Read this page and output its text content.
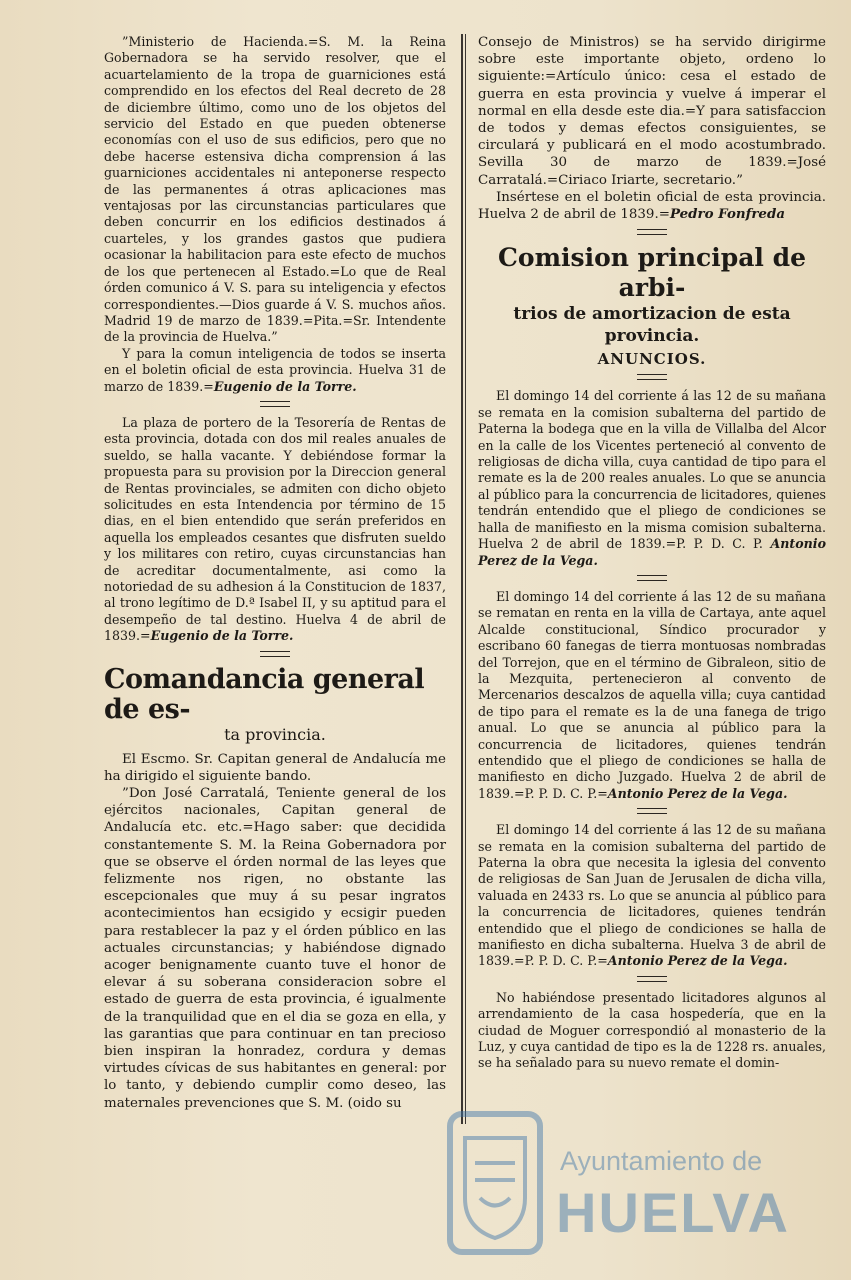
”Ministerio de Hacienda.=S. M. la Reina Gobernadora se ha servido resolver, que el acuartelamiento de la tropa de guarniciones está comprendido en los efectos del Real decreto de 28 de diciembre último, como uno de los objetos del servicio del Estado en que pueden obtenerse economías con el uso de sus edificios, pero que no debe hacerse estensiva dicha comprension á las guarniciones accidentales ni anteponerse respecto de las permanentes á otras aplicaciones mas ventajosas por las circunstancias particulares que deben concurrir en los edificios destinados á cuarteles, y los grandes gastos que pudiera ocasionar la habilitacion para este efecto de muchos de los que pertenecen al Estado.=Lo que de Real órden comunico á V. S. para su inteligencia y efectos correspondientes.—Dios guarde á V. S. muchos años. Madrid 19 de marzo de 1839.=Pita.=Sr. Intendente de la provincia de Huelva.”

Y para la comun inteligencia de todos se inserta en el boletin oficial de esta provincia. Huelva 31 de marzo de 1839.=Eugenio de la Torre.

La plaza de portero de la Tesorería de Rentas de esta provincia, dotada con dos mil reales anuales de sueldo, se halla vacante. Y debiéndose formar la propuesta para su provision por la Direccion general de Rentas provinciales, se admiten con dicho objeto solicitudes en esta Intendencia por término de 15 dias, en el bien entendido que serán preferidos en aquella los empleados cesantes que disfruten sueldo y los militares con retiro, cuyas circunstancias han de acreditar documentalmente, asi como la notoriedad de su adhesion á la Constitucion de 1837, al trono legítimo de D.ª Isabel II, y su aptitud para el desempeño de tal destino. Huelva 4 de abril de 1839.=Eugenio de la Torre.

Comandancia general de es-
ta provincia.

El Escmo. Sr. Capitan general de Andalucía me ha dirigido el siguiente bando.

”Don José Carratalá, Teniente general de los ejércitos nacionales, Capitan general de Andalucía etc. etc.=Hago saber: que decidida constantemente S. M. la Reina Gobernadora por que se observe el órden normal de las leyes que felizmente nos rigen, no obstante las escepcionales que muy á su pesar ingratos acontecimientos han ecsigido y ecsigir pueden para restablecer la paz y el órden público en las actuales circunstancias; y habiéndose dignado acoger benignamente cuanto tuve el honor de elevar á su soberana consideracion sobre el estado de guerra de esta provincia, é igualmente de la tranquilidad que en el dia se goza en ella, y las garantias que para continuar en tan precioso bien inspiran la honradez, cordura y demas virtudes cívicas de sus habitantes en general: por lo tanto, y debiendo cumplir como deseo, las maternales prevenciones que S. M. (oido su

Consejo de Ministros) se ha servido dirigirme sobre este importante objeto, ordeno lo siguiente:=Artículo único: cesa el estado de guerra en esta provincia y vuelve á imperar el normal en ella desde este dia.=Y para satisfaccion de todos y demas efectos consiguientes, se circulará y publicará en el modo acostumbrado. Sevilla 30 de marzo de 1839.=José Carratalá.=Ciriaco Iriarte, secretario.”

Insértese en el boletin oficial de esta provincia. Huelva 2 de abril de 1839.=Pedro Fonfreda

Comision principal de arbi-
trios de amortizacion de esta provincia.
ANUNCIOS.

El domingo 14 del corriente á las 12 de su mañana se remata en la comision subalterna del partido de Paterna la bodega que en la villa de Villalba del Alcor en la calle de los Vicentes perteneció al convento de religiosas de dicha villa, cuya cantidad de tipo para el remate es la de 200 reales anuales. Lo que se anuncia al público para la concurrencia de licitadores, quienes tendrán entendido que el pliego de condiciones se halla de manifiesto en la misma comision subalterna. Huelva 2 de abril de 1839.=P. P. D. C. P. Antonio Perez de la Vega.

El domingo 14 del corriente á las 12 de su mañana se rematan en renta en la villa de Cartaya, ante aquel Alcalde constitucional, Síndico procurador y escribano 60 fanegas de tierra montuosas nombradas del Torrejon, que en el término de Gibraleon, sitio de la Mezquita, pertenecieron al convento de Mercenarios descalzos de aquella villa; cuya cantidad de tipo para el remate es la de una fanega de trigo anual. Lo que se anuncia al público para la concurrencia de licitadores, quienes tendrán entendido que el pliego de condiciones se halla de manifiesto en dicho Juzgado. Huelva 2 de abril de 1839.=P. P. D. C. P.=Antonio Perez de la Vega.

El domingo 14 del corriente á las 12 de su mañana se remata en la comision subalterna del partido de Paterna la obra que necesita la iglesia del convento de religiosas de San Juan de Jerusalen de dicha villa, valuada en 2433 rs. Lo que se anuncia al público para la concurrencia de licitadores, quienes tendrán entendido que el pliego de condiciones se halla de manifiesto en dicha subalterna. Huelva 3 de abril de 1839.=P. P. D. C. P.=Antonio Perez de la Vega.

No habiéndose presentado licitadores algunos al arrendamiento de la casa hospedería, que en la ciudad de Moguer correspondió al monasterio de la Luz, y cuya cantidad de tipo es la de 1228 rs. anuales, se ha señalado para su nuevo remate el domin-

Ayuntamiento de
HUELVA
